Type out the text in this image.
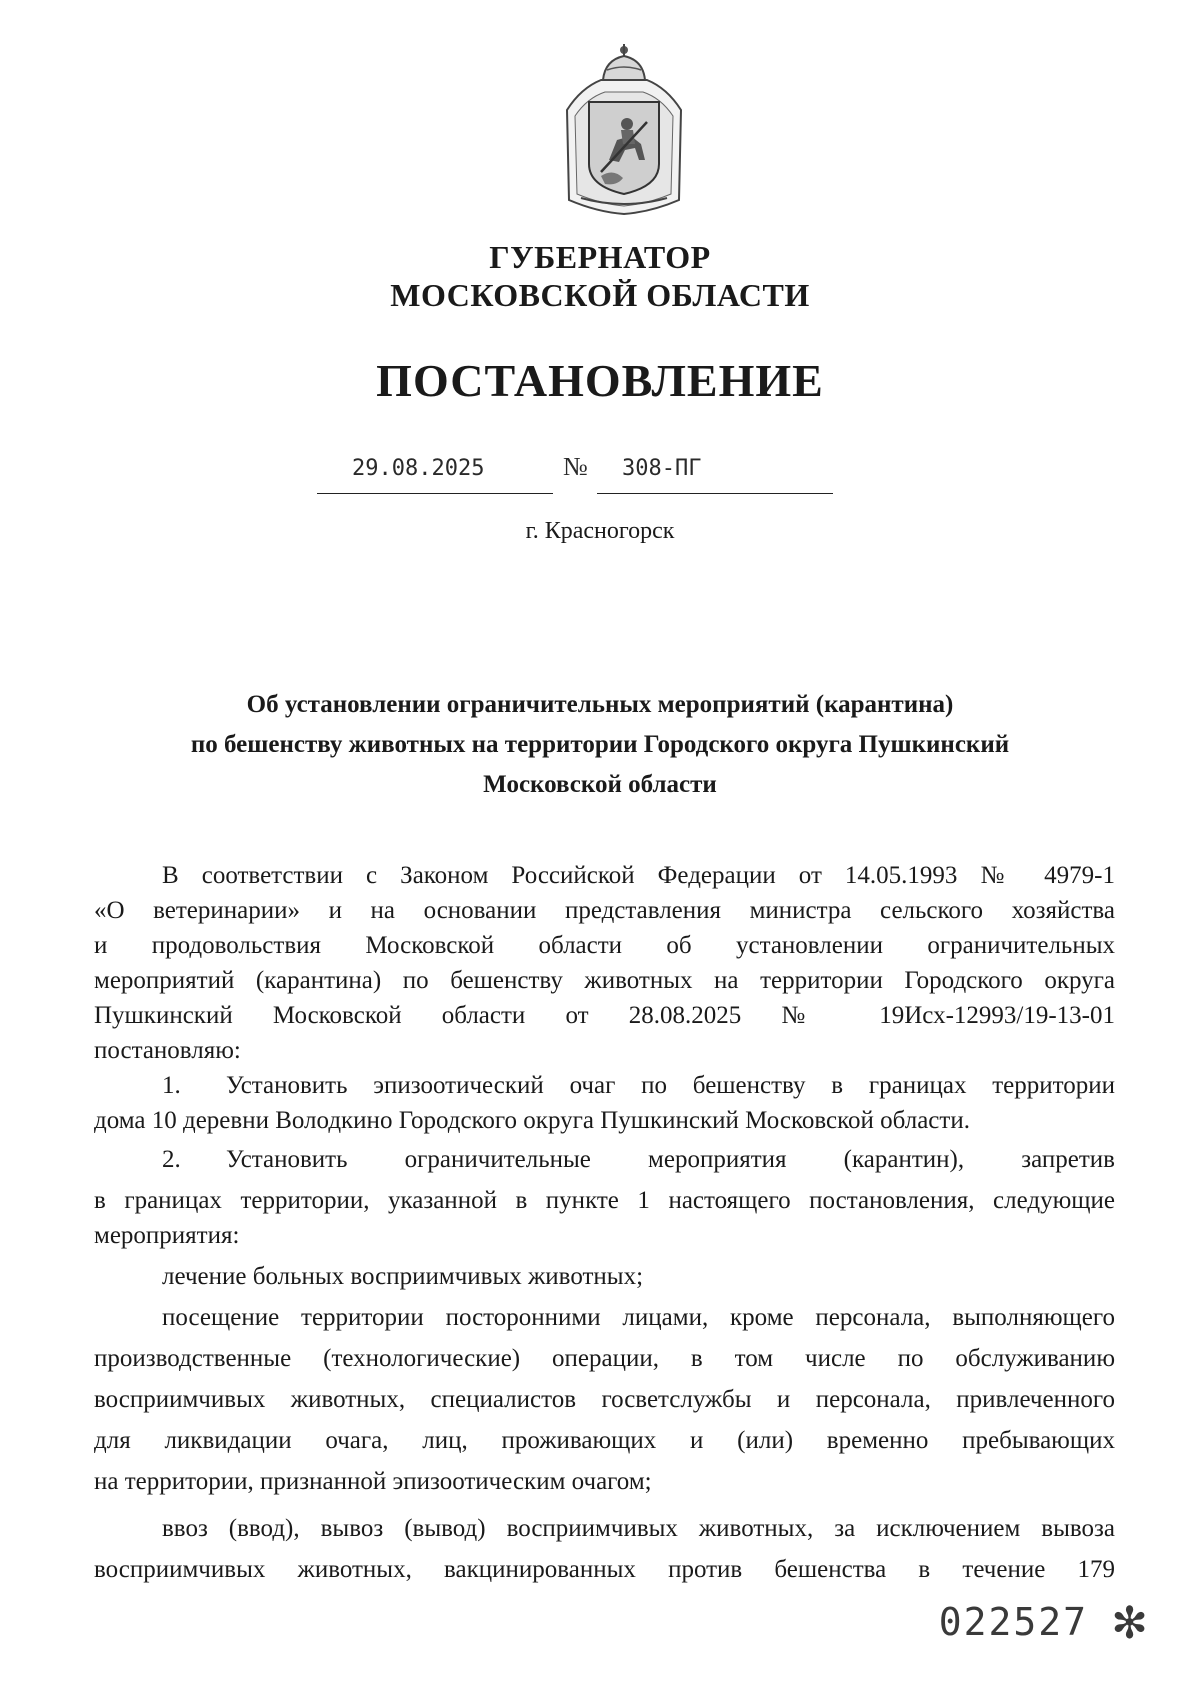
ГУБЕРНАТОР
МОСКОВСКОЙ ОБЛАСТИ
ПОСТАНОВЛЕНИЕ
29.08.2025	№ 308-ПГ
г. Красногорск
Об установлении ограничительных мероприятий (карантина)
по бешенству животных на территории Городского округа Пушкинский
Московской области
В соответствии с Законом Российской Федерации от 14.05.1993 № 4979-1
«О ветеринарии» и на основании представления министра сельского хозяйства
и продовольствия Московской области об установлении ограничительных
мероприятий (карантина) по бешенству животных на территории Городского округа
Пушкинский Московской области от 28.08.2025 № 19Исх-12993/19-13-01
постановляю:
1. Установить эпизоотический очаг по бешенству в границах территории
дома 10 деревни Володкино Городского округа Пушкинский Московской области.
2. Установить ограничительные мероприятия (карантин), запретив
в границах территории, указанной в пункте 1 настоящего постановления, следующие
мероприятия:
лечение больных восприимчивых животных;
посещение территории посторонними лицами, кроме персонала, выполняющего
производственные (технологические) операции, в том числе по обслуживанию
восприимчивых животных, специалистов госветслужбы и персонала, привлеченного
для ликвидации очага, лиц, проживающих и (или) временно пребывающих
на территории, признанной эпизоотическим очагом;
ввоз (ввод), вывоз (вывод) восприимчивых животных, за исключением вывоза
восприимчивых животных, вакцинированных против бешенства в течение 179
022527 ✻
